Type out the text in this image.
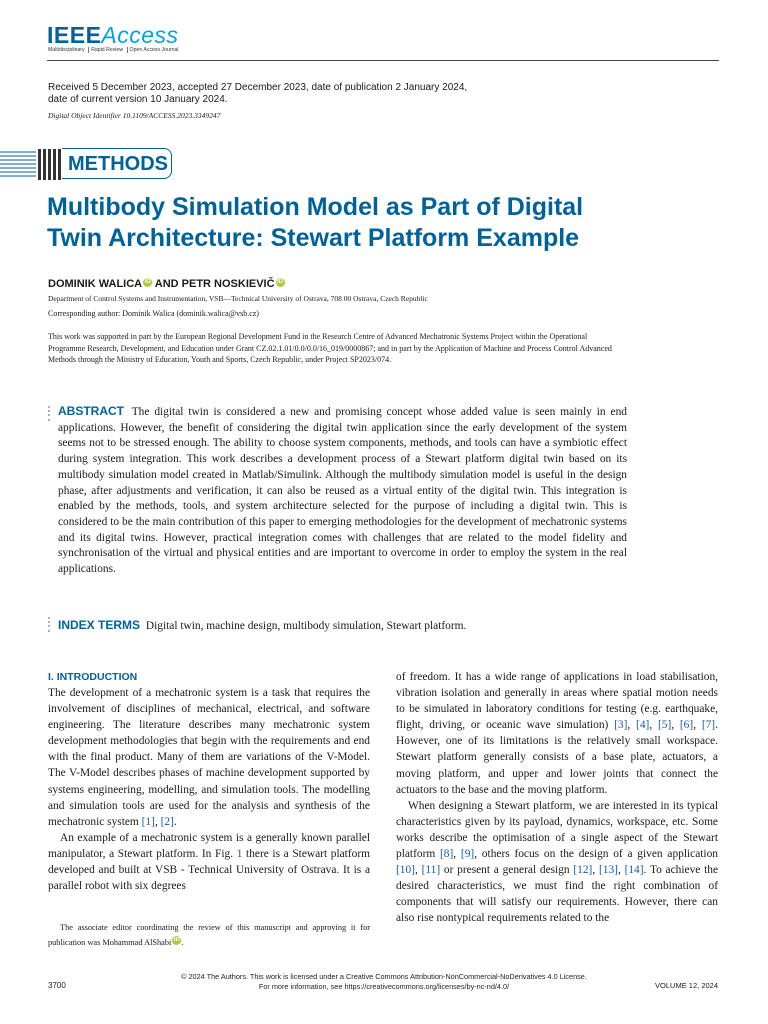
IEEEAccess
Multidisciplinary Rapid Review Open Access Journal
Received 5 December 2023, accepted 27 December 2023, date of publication 2 January 2024,
date of current version 10 January 2024.
Digital Object Identifier 10.1109/ACCESS.2023.3349247
METHODS
Multibody Simulation Model as Part of Digital
Twin Architecture: Stewart Platform Example
DOMINIK WALICA iD AND PETR NOSKIEVIČ iD
Department of Control Systems and Instrumentation, VSB—Technical University of Ostrava, 708 00 Ostrava, Czech Republic
Corresponding author: Dominik Walica (dominik.walica@vsb.cz)
This work was supported in part by the European Regional Development Fund in the Research Centre of Advanced Mechatronic Systems Project within the Operational Programme Research, Development, and Education under Grant CZ.02.1.01/0.0/0.0/16_019/0000867; and in part by the Application of Machine and Process Control Advanced Methods through the Ministry of Education, Youth and Sports, Czech Republic, under Project SP2023/074.
ABSTRACT The digital twin is considered a new and promising concept whose added value is seen mainly in end applications. However, the benefit of considering the digital twin application since the early development of the system seems not to be stressed enough. The ability to choose system components, methods, and tools can have a symbiotic effect during system integration. This work describes a development process of a Stewart platform digital twin based on its multibody simulation model created in Matlab/Simulink. Although the multibody simulation model is useful in the design phase, after adjustments and verification, it can also be reused as a virtual entity of the digital twin. This integration is enabled by the methods, tools, and system architecture selected for the purpose of including a digital twin. This is considered to be the main contribution of this paper to emerging methodologies for the development of mechatronic systems and its digital twins. However, practical integration comes with challenges that are related to the model fidelity and synchronisation of the virtual and physical entities and are important to overcome in order to employ the system in the real applications.
INDEX TERMS Digital twin, machine design, multibody simulation, Stewart platform.
I. INTRODUCTION

The development of a mechatronic system is a task that requires the involvement of disciplines of mechanical, electrical, and software engineering. The literature describes many mechatronic system development methodologies that begin with the requirements and end with the final product. Many of them are variations of the V-Model. The V-Model describes phases of machine development supported by systems engineering, modelling, and simulation tools. The modelling and simulation tools are used for the analysis and synthesis of the mechatronic system [1], [2].

An example of a mechatronic system is a generally known parallel manipulator, a Stewart platform. In Fig. 1 there is a Stewart platform developed and built at VSB - Technical University of Ostrava. It is a parallel robot with six degrees

of freedom. It has a wide range of applications in load stabilisation, vibration isolation and generally in areas where spatial motion needs to be simulated in laboratory conditions for testing (e.g. earthquake, flight, driving, or oceanic wave simulation) [3], [4], [5], [6], [7]. However, one of its limitations is the relatively small workspace. Stewart platform generally consists of a base plate, actuators, a moving platform, and upper and lower joints that connect the actuators to the base and the moving platform.

When designing a Stewart platform, we are interested in its typical characteristics given by its payload, dynamics, workspace, etc. Some works describe the optimisation of a single aspect of the Stewart platform [8], [9], others focus on the design of a given application [10], [11] or present a general design [12], [13], [14]. To achieve the desired characteristics, we must find the right combination of components that will satisfy our requirements. However, there can also rise nontypical requirements related to the

The associate editor coordinating the review of this manuscript and approving it for publication was Mohammad AlShabi iD .
© 2024 The Authors. This work is licensed under a Creative Commons Attribution-NonCommercial-NoDerivatives 4.0 License.
For more information, see https://creativecommons.org/licenses/by-nc-nd/4.0/
3700	VOLUME 12, 2024
